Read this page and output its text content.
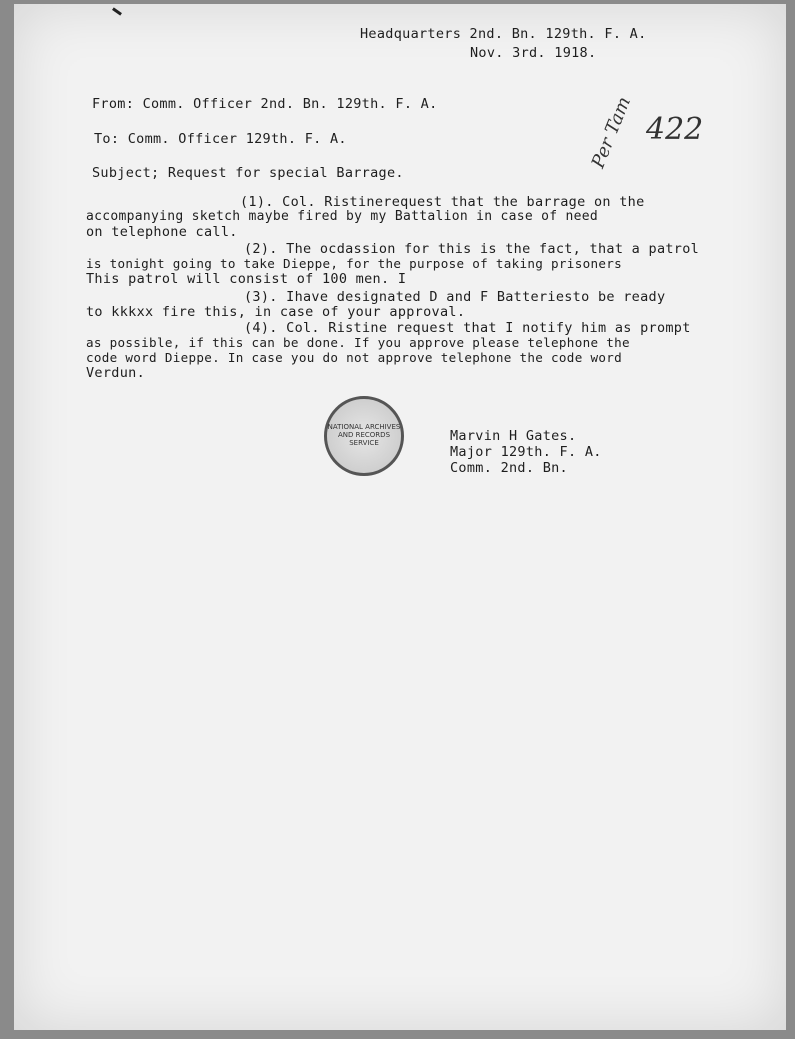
Headquarters 2nd. Bn. 129th. F. A.
Nov. 3rd. 1918.
From: Comm. Officer 2nd. Bn. 129th. F. A.
To: Comm. Officer 129th. F. A.
Subject; Request for special Barrage.
Per Tam 422
(1). Col. Ristinerequest that the barrage on the
accompanying sketch maybe fired by my Battalion in case of need
on telephone call.
(2). The ocdassion for this is the fact, that a patrol
is tonight going to take Dieppe, for the purpose of taking prisoners
This patrol will consist of 100 men. I
(3). Ihave designated D and F Batteriesto be ready
to kkkxx fire this, in case of your approval.
(4). Col. Ristine request that I notify him as prompt
as possible, if this can be done. If you approve please telephone the
code word Dieppe. In case you do not approve telephone the code word
Verdun.
NATIONAL ARCHIVES AND RECORDS SERVICE	Marvin H Gates.
Major 129th. F. A.
Comm. 2nd. Bn.
